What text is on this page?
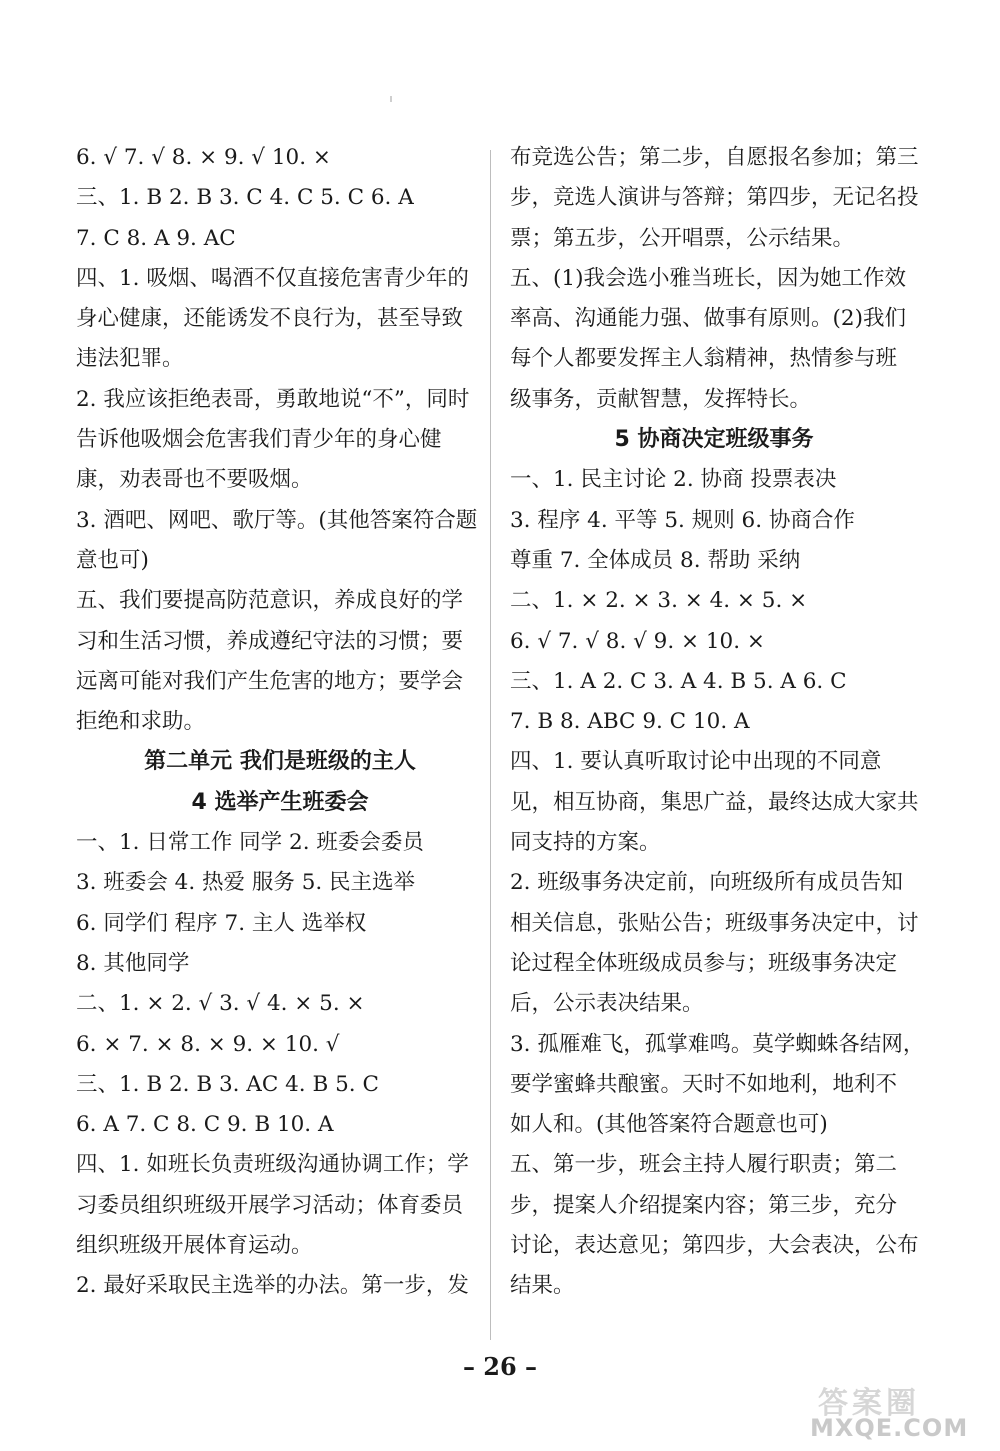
6. √ 7. √ 8. × 9. √ 10. ×
三、1. B 2. B 3. C 4. C 5. C 6. A
7. C 8. A 9. AC
四、1. 吸烟、喝酒不仅直接危害青少年的
身心健康，还能诱发不良行为，甚至导致
违法犯罪。
2. 我应该拒绝表哥，勇敢地说“不”，同时
告诉他吸烟会危害我们青少年的身心健
康，劝表哥也不要吸烟。
3. 酒吧、网吧、歌厅等。(其他答案符合题
意也可)
五、我们要提高防范意识，养成良好的学
习和生活习惯，养成遵纪守法的习惯；要
远离可能对我们产生危害的地方；要学会
拒绝和求助。
第二单元 我们是班级的主人
4 选举产生班委会
一、1. 日常工作 同学 2. 班委会委员
3. 班委会 4. 热爱 服务 5. 民主选举
6. 同学们 程序 7. 主人 选举权
8. 其他同学
二、1. × 2. √ 3. √ 4. × 5. ×
6. × 7. × 8. × 9. × 10. √
三、1. B 2. B 3. AC 4. B 5. C
6. A 7. C 8. C 9. B 10. A
四、1. 如班长负责班级沟通协调工作；学
习委员组织班级开展学习活动；体育委员
组织班级开展体育运动。
2. 最好采取民主选举的办法。第一步，发
布竞选公告；第二步，自愿报名参加；第三
步，竞选人演讲与答辩；第四步，无记名投
票；第五步，公开唱票，公示结果。
五、(1)我会选小雅当班长，因为她工作效
率高、沟通能力强、做事有原则。(2)我们
每个人都要发挥主人翁精神，热情参与班
级事务，贡献智慧，发挥特长。
5 协商决定班级事务
一、1. 民主讨论 2. 协商 投票表决
3. 程序 4. 平等 5. 规则 6. 协商合作
尊重 7. 全体成员 8. 帮助 采纳
二、1. × 2. × 3. × 4. × 5. ×
6. √ 7. √ 8. √ 9. × 10. ×
三、1. A 2. C 3. A 4. B 5. A 6. C
7. B 8. ABC 9. C 10. A
四、1. 要认真听取讨论中出现的不同意
见，相互协商，集思广益，最终达成大家共
同支持的方案。
2. 班级事务决定前，向班级所有成员告知
相关信息，张贴公告；班级事务决定中，讨
论过程全体班级成员参与；班级事务决定
后，公示表决结果。
3. 孤雁难飞，孤掌难鸣。莫学蜘蛛各结网，
要学蜜蜂共酿蜜。天时不如地利，地利不
如人和。(其他答案符合题意也可)
五、第一步，班会主持人履行职责；第二
步，提案人介绍提案内容；第三步，充分
讨论，表达意见；第四步，大会表决，公布
结果。
– 26 –
答案圈
MXQE.COM
